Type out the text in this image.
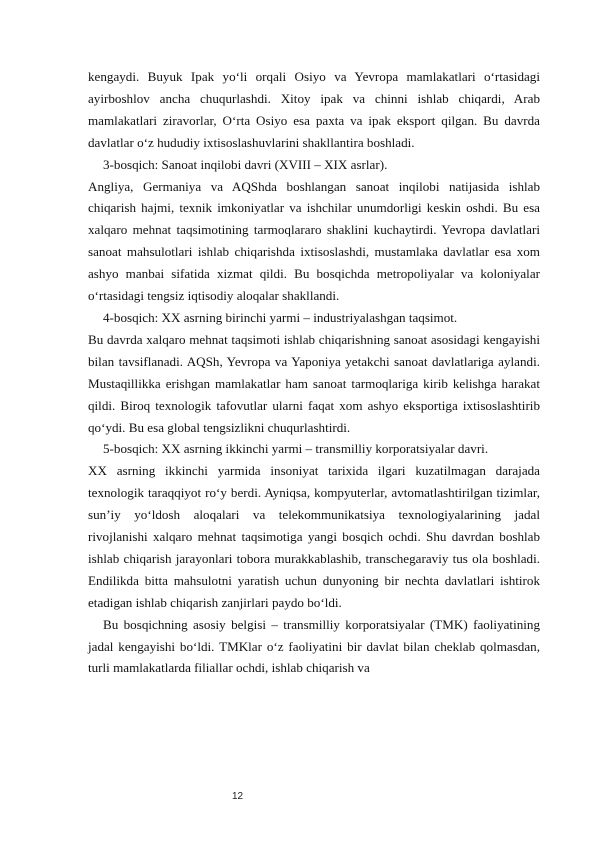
kengaydi. Buyuk Ipak yo‘li orqali Osiyo va Yevropa mamlakatlari o‘rtasidagi ayirboshlov ancha chuqurlashdi. Xitoy ipak va chinni ishlab chiqardi, Arab mamlakatlari ziravorlar, O‘rta Osiyo esa paxta va ipak eksport qilgan. Bu davrda davlatlar o‘z hududiy ixtisoslashuvlarini shakllantira boshladi.

3-bosqich: Sanoat inqilobi davri (XVIII – XIX asrlar).

Angliya, Germaniya va AQShda boshlangan sanoat inqilobi natijasida ishlab chiqarish hajmi, texnik imkoniyatlar va ishchilar unumdorligi keskin oshdi. Bu esa xalqaro mehnat taqsimotining tarmoqlararo shaklini kuchaytirdi. Yevropa davlatlari sanoat mahsulotlari ishlab chiqarishda ixtisoslashdi, mustamlaka davlatlar esa xom ashyo manbai sifatida xizmat qildi. Bu bosqichda metropoliyalar va koloniyalar o‘rtasidagi tengsiz iqtisodiy aloqalar shakllandi.

4-bosqich: XX asrning birinchi yarmi – industriyalashgan taqsimot.

Bu davrda xalqaro mehnat taqsimoti ishlab chiqarishning sanoat asosidagi kengayishi bilan tavsiflanadi. AQSh, Yevropa va Yaponiya yetakchi sanoat davlatlariga aylandi. Mustaqillikka erishgan mamlakatlar ham sanoat tarmoqlariga kirib kelishga harakat qildi. Biroq texnologik tafovutlar ularni faqat xom ashyo eksportiga ixtisoslashtirib qo‘ydi. Bu esa global tengsizlikni chuqurlashtirdi.

5-bosqich: XX asrning ikkinchi yarmi – transmilliy korporatsiyalar davri.

XX asrning ikkinchi yarmida insoniyat tarixida ilgari kuzatilmagan darajada texnologik taraqqiyot ro‘y berdi. Ayniqsa, kompyuterlar, avtomatlashtirilgan tizimlar, sun’iy yo‘ldosh aloqalari va telekommunikatsiya texnologiyalarining jadal rivojlanishi xalqaro mehnat taqsimotiga yangi bosqich ochdi. Shu davrdan boshlab ishlab chiqarish jarayonlari tobora murakkablashib, transchegaraviy tus ola boshladi. Endilikda bitta mahsulotni yaratish uchun dunyoning bir nechta davlatlari ishtirok etadigan ishlab chiqarish zanjirlari paydo bo‘ldi.

Bu bosqichning asosiy belgisi – transmilliy korporatsiyalar (TMK) faoliyatining jadal kengayishi bo‘ldi. TMKlar o‘z faoliyatini bir davlat bilan cheklab qolmasdan, turli mamlakatlarda filiallar ochdi, ishlab chiqarish va

12
